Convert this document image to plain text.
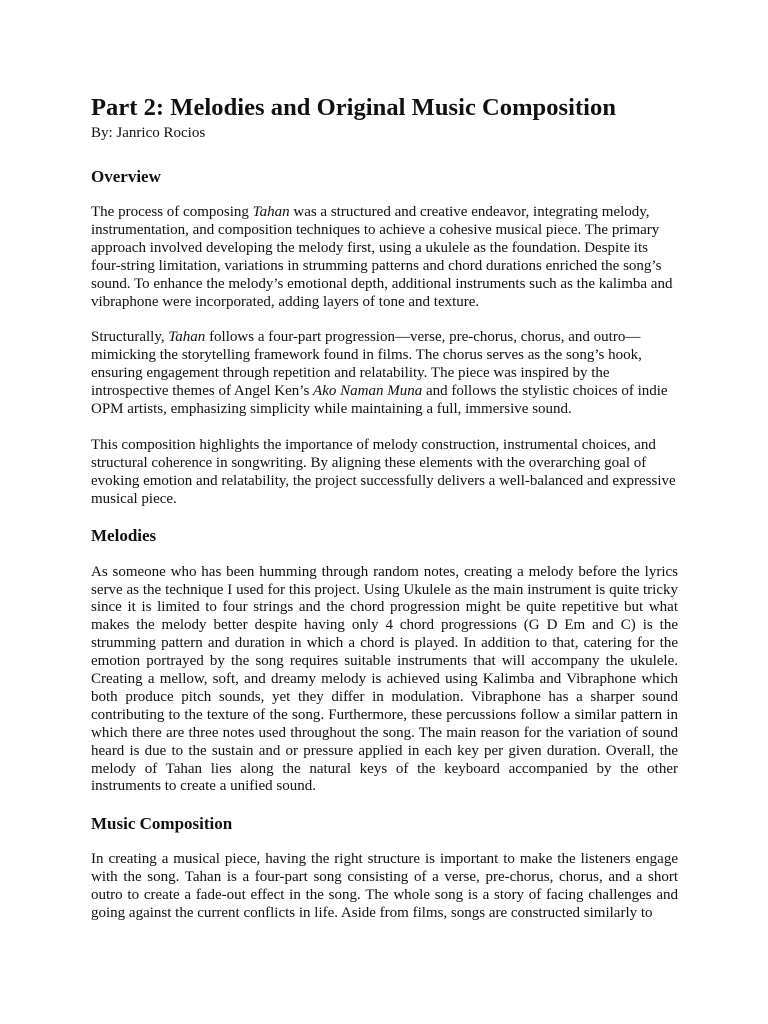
Part 2: Melodies and Original Music Composition
By: Janrico Rocios
Overview

The process of composing Tahan was a structured and creative endeavor, integrating melody, instrumentation, and composition techniques to achieve a cohesive musical piece. The primary approach involved developing the melody first, using a ukulele as the foundation. Despite its four-string limitation, variations in strumming patterns and chord durations enriched the song’s sound. To enhance the melody’s emotional depth, additional instruments such as the kalimba and vibraphone were incorporated, adding layers of tone and texture.

Structurally, Tahan follows a four-part progression—verse, pre-chorus, chorus, and outro—mimicking the storytelling framework found in films. The chorus serves as the song’s hook, ensuring engagement through repetition and relatability. The piece was inspired by the introspective themes of Angel Ken’s Ako Naman Muna and follows the stylistic choices of indie OPM artists, emphasizing simplicity while maintaining a full, immersive sound.

This composition highlights the importance of melody construction, instrumental choices, and structural coherence in songwriting. By aligning these elements with the overarching goal of evoking emotion and relatability, the project successfully delivers a well-balanced and expressive musical piece.

Melodies

As someone who has been humming through random notes, creating a melody before the lyrics serve as the technique I used for this project. Using Ukulele as the main instrument is quite tricky since it is limited to four strings and the chord progression might be quite repetitive but what makes the melody better despite having only 4 chord progressions (G D Em and C) is the strumming pattern and duration in which a chord is played. In addition to that, catering for the emotion portrayed by the song requires suitable instruments that will accompany the ukulele. Creating a mellow, soft, and dreamy melody is achieved using Kalimba and Vibraphone which both produce pitch sounds, yet they differ in modulation. Vibraphone has a sharper sound contributing to the texture of the song. Furthermore, these percussions follow a similar pattern in which there are three notes used throughout the song. The main reason for the variation of sound heard is due to the sustain and or pressure applied in each key per given duration. Overall, the melody of Tahan lies along the natural keys of the keyboard accompanied by the other instruments to create a unified sound.

Music Composition

In creating a musical piece, having the right structure is important to make the listeners engage with the song. Tahan is a four-part song consisting of a verse, pre-chorus, chorus, and a short outro to create a fade-out effect in the song. The whole song is a story of facing challenges and going against the current conflicts in life. Aside from films, songs are constructed similarly to
